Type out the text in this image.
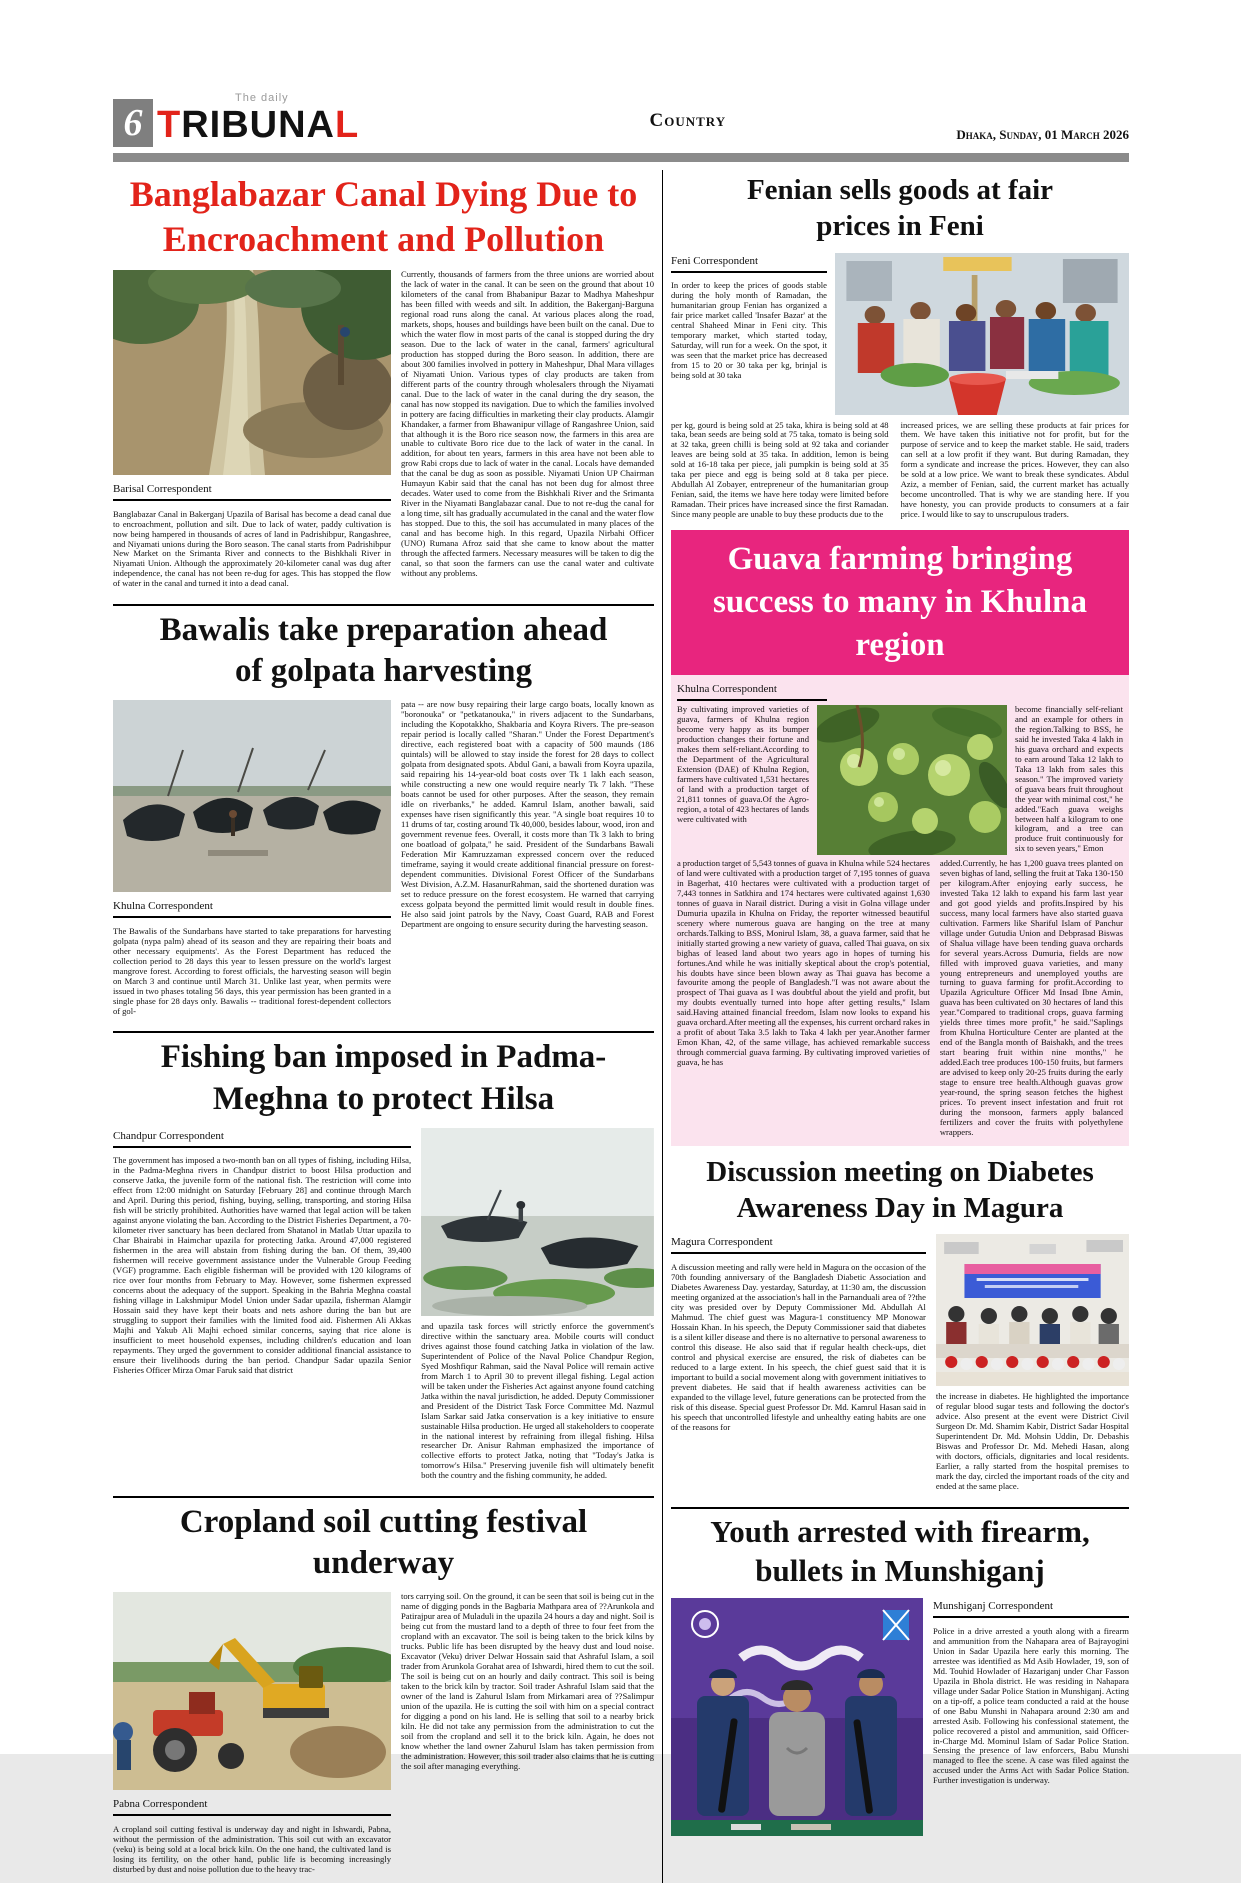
6
The daily
TRIBUNAL	Country
Dhaka, Sunday, 01 March 2026
Banglabazar Canal Dying Due to Encroachment and Pollution
Barisal Correspondent

Banglabazar Canal in Bakerganj Upazila of Barisal has become a dead canal due to encroachment, pollution and silt. Due to lack of water, paddy cultivation is now being hampered in thousands of acres of land in Padrishibpur, Rangashree, and Niyamati unions during the Boro season. The canal starts from Padrishibpur New Market on the Srimanta River and connects to the Bishkhali River in Niyamati Union. Although the approximately 20-kilometer canal was dug after independence, the canal has not been re-dug for ages. This has stopped the flow of water in the canal and turned it into a dead canal.

Currently, thousands of farmers from the three unions are worried about the lack of water in the canal. It can be seen on the ground that about 10 kilometers of the canal from Bhabanipur Bazar to Madhya Maheshpur has been filled with weeds and silt. In addition, the Bakerganj-Barguna regional road runs along the canal. At various places along the road, markets, shops, houses and buildings have been built on the canal. Due to which the water flow in most parts of the canal is stopped during the dry season. Due to the lack of water in the canal, farmers' agricultural production has stopped during the Boro season. In addition, there are about 300 families involved in pottery in Maheshpur, Dhal Mara villages of Niyamati Union. Various types of clay products are taken from different parts of the country through wholesalers through the Niyamati canal. Due to the lack of water in the canal during the dry season, the canal has now stopped its navigation. Due to which the families involved in pottery are facing difficulties in marketing their clay products. Alamgir Khandaker, a farmer from Bhawanipur village of Rangashree Union, said that although it is the Boro rice season now, the farmers in this area are unable to cultivate Boro rice due to the lack of water in the canal. In addition, for about ten years, farmers in this area have not been able to grow Rabi crops due to lack of water in the canal. Locals have demanded that the canal be dug as soon as possible. Niyamati Union UP Chairman Humayun Kabir said that the canal has not been dug for almost three decades. Water used to come from the Bishkhali River and the Srimanta River in the Niyamati Banglabazar canal. Due to not re-dug the canal for a long time, silt has gradually accumulated in the canal and the water flow has stopped. Due to this, the soil has accumulated in many places of the canal and has become high. In this regard, Upazila Nirbahi Officer (UNO) Rumana Afroz said that she came to know about the matter through the affected farmers. Necessary measures will be taken to dig the canal, so that soon the farmers can use the canal water and cultivate without any problems.

Bawalis take preparation ahead of golpata harvesting
Khulna Correspondent

The Bawalis of the Sundarbans have started to take preparations for harvesting golpata (nypa palm) ahead of its season and they are repairing their boats and other necessary equipments'. As the Forest Department has reduced the collection period to 28 days this year to lessen pressure on the world's largest mangrove forest. According to forest officials, the harvesting season will begin on March 3 and continue until March 31. Unlike last year, when permits were issued in two phases totaling 56 days, this year permission has been granted in a single phase for 28 days only. Bawalis -- traditional forest-dependent collectors of gol-

pata -- are now busy repairing their large cargo boats, locally known as "boronouka" or "petkatanouka," in rivers adjacent to the Sundarbans, including the Kopotakkho, Shakbaria and Koyra Rivers. The pre-season repair period is locally called "Sharan." Under the Forest Department's directive, each registered boat with a capacity of 500 maunds (186 quintals) will be allowed to stay inside the forest for 28 days to collect golpata from designated spots. Abdul Gani, a bawali from Koyra upazila, said repairing his 14-year-old boat costs over Tk 1 lakh each season, while constructing a new one would require nearly Tk 7 lakh. "These boats cannot be used for other purposes. After the season, they remain idle on riverbanks," he added. Kamrul Islam, another bawali, said expenses have risen significantly this year. "A single boat requires 10 to 11 drums of tar, costing around Tk 40,000, besides labour, wood, iron and government revenue fees. Overall, it costs more than Tk 3 lakh to bring one boatload of golpata," he said. President of the Sundarbans Bawali Federation Mir Kamruzzaman expressed concern over the reduced timeframe, saying it would create additional financial pressure on forest-dependent communities. Divisional Forest Officer of the Sundarbans West Division, A.Z.M. HasanurRahman, said the shortened duration was set to reduce pressure on the forest ecosystem. He warned that carrying excess golpata beyond the permitted limit would result in double fines. He also said joint patrols by the Navy, Coast Guard, RAB and Forest Department are ongoing to ensure security during the harvesting season.

Fishing ban imposed in Padma-Meghna to protect Hilsa
Chandpur Correspondent

The government has imposed a two-month ban on all types of fishing, including Hilsa, in the Padma-Meghna rivers in Chandpur district to boost Hilsa production and conserve Jatka, the juvenile form of the national fish. The restriction will come into effect from 12:00 midnight on Saturday [February 28] and continue through March and April. During this period, fishing, buying, selling, transporting, and storing Hilsa fish will be strictly prohibited. Authorities have warned that legal action will be taken against anyone violating the ban. According to the District Fisheries Department, a 70-kilometer river sanctuary has been declared from Shatanol in Matlab Uttar upazila to Char Bhairabi in Haimchar upazila for protecting Jatka. Around 47,000 registered fishermen in the area will abstain from fishing during the ban. Of them, 39,400 fishermen will receive government assistance under the Vulnerable Group Feeding (VGF) programme. Each eligible fisherman will be provided with 120 kilograms of rice over four months from February to May. However, some fishermen expressed concerns about the adequacy of the support. Speaking in the Bahria Meghna coastal fishing village in Lakshmipur Model Union under Sadar upazila, fisherman Alamgir Hossain said they have kept their boats and nets ashore during the ban but are struggling to support their families with the limited food aid. Fishermen Ali Akkas Majhi and Yakub Ali Majhi echoed similar concerns, saying that rice alone is insufficient to meet household expenses, including children's education and loan repayments. They urged the government to consider additional financial assistance to ensure their livelihoods during the ban period. Chandpur Sadar upazila Senior Fisheries Officer Mirza Omar Faruk said that district

and upazila task forces will strictly enforce the government's directive within the sanctuary area. Mobile courts will conduct drives against those found catching Jatka in violation of the law. Superintendent of Police of the Naval Police Chandpur Region, Syed Moshfiqur Rahman, said the Naval Police will remain active from March 1 to April 30 to prevent illegal fishing. Legal action will be taken under the Fisheries Act against anyone found catching Jatka within the naval jurisdiction, he added. Deputy Commissioner and President of the District Task Force Committee Md. Nazmul Islam Sarkar said Jatka conservation is a key initiative to ensure sustainable Hilsa production. He urged all stakeholders to cooperate in the national interest by refraining from illegal fishing. Hilsa researcher Dr. Anisur Rahman emphasized the importance of collective efforts to protect Jatka, noting that "Today's Jatka is tomorrow's Hilsa." Preserving juvenile fish will ultimately benefit both the country and the fishing community, he added.

Cropland soil cutting festival underway
Pabna Correspondent

A cropland soil cutting festival is underway day and night in Ishwardi, Pabna, without the permission of the administration. This soil cut with an excavator (veku) is being sold at a local brick kiln. On the one hand, the cultivated land is losing its fertility, on the other hand, public life is becoming increasingly disturbed by dust and noise pollution due to the heavy trac-

tors carrying soil. On the ground, it can be seen that soil is being cut in the name of digging ponds in the Bagbaria Mathpara area of ??Arunkola and Patirajpur area of Muladuli in the upazila 24 hours a day and night. Soil is being cut from the mustard land to a depth of three to four feet from the cropland with an excavator. The soil is being taken to the brick kilns by trucks. Public life has been disrupted by the heavy dust and loud noise. Excavator (Veku) driver Delwar Hossain said that Ashraful Islam, a soil trader from Arunkola Gorahat area of Ishwardi, hired them to cut the soil. The soil is being cut on an hourly and daily contract. This soil is being taken to the brick kiln by tractor. Soil trader Ashraful Islam said that the owner of the land is Zahurul Islam from Mirkamari area of ??Salimpur union of the upazila. He is cutting the soil with him on a special contract for digging a pond on his land. He is selling that soil to a nearby brick kiln. He did not take any permission from the administration to cut the soil from the cropland and sell it to the brick kiln. Again, he does not know whether the land owner Zahurul Islam has taken permission from the administration. However, this soil trader also claims that he is cutting the soil after managing everything.

Fenian sells goods at fair prices in Feni
Feni Correspondent

In order to keep the prices of goods stable during the holy month of Ramadan, the humanitarian group Fenian has organized a fair price market called 'Insafer Bazar' at the central Shaheed Minar in Feni city. This temporary market, which started today, Saturday, will run for a week. On the spot, it was seen that the market price has decreased from 15 to 20 or 30 taka per kg, brinjal is being sold at 30 taka

per kg, gourd is being sold at 25 taka, khira is being sold at 48 taka, bean seeds are being sold at 75 taka, tomato is being sold at 32 taka, green chilli is being sold at 92 taka and coriander leaves are being sold at 35 taka. In addition, lemon is being sold at 16-18 taka per piece, jali pumpkin is being sold at 35 taka per piece and egg is being sold at 8 taka per piece. Abdullah Al Zobayer, entrepreneur of the humanitarian group Fenian, said, the items we have here today were limited before Ramadan. Their prices have increased since the first Ramadan. Since many people are unable to buy these products due to the

increased prices, we are selling these products at fair prices for them. We have taken this initiative not for profit, but for the purpose of service and to keep the market stable. He said, traders can sell at a low profit if they want. But during Ramadan, they form a syndicate and increase the prices. However, they can also be sold at a low price. We want to break these syndicates. Abdul Aziz, a member of Fenian, said, the current market has actually become uncontrolled. That is why we are standing here. If you have honesty, you can provide products to consumers at a fair price. I would like to say to unscrupulous traders.

Guava farming bringing success to many in Khulna region
Khulna Correspondent

By cultivating improved varieties of guava, farmers of Khulna region become very happy as its bumper production changes their fortune and makes them self-reliant.According to the Department of the Agricultural Extension (DAE) of Khulna Region, farmers have cultivated 1,531 hectares of land with a production target of 21,811 tonnes of guava.Of the Agro-region, a total of 423 hectares of lands were cultivated with

become financially self-reliant and an example for others in the region.Talking to BSS, he said he invested Taka 4 lakh in his guava orchard and expects to earn around Taka 12 lakh to Taka 13 lakh from sales this season." The improved variety of guava bears fruit throughout the year with minimal cost," he added."Each guava weighs between half a kilogram to one kilogram, and a tree can produce fruit continuously for six to seven years," Emon

a production target of 5,543 tonnes of guava in Khulna while 524 hectares of land were cultivated with a production target of 7,195 tonnes of guava in Bagerhat, 410 hectares were cultivated with a production target of 7,443 tonnes in Satkhira and 174 hectares were cultivated against 1,630 tonnes of guava in Narail district. During a visit in Golna village under Dumuria upazila in Khulna on Friday, the reporter witnessed beautiful scenery where numerous guava are hanging on the tree at many orchards.Talking to BSS, Monirul Islam, 38, a guava farmer, said that he initially started growing a new variety of guava, called Thai guava, on six bighas of leased land about two years ago in hopes of turning his fortunes.And while he was initially skeptical about the crop's potential, his doubts have since been blown away as Thai guava has become a favourite among the people of Bangladesh."I was not aware about the prospect of Thai guava as I was doubtful about the yield and profit, but my doubts eventually turned into hope after getting results," Islam said.Having attained financial freedom, Islam now looks to expand his guava orchard.After meeting all the expenses, his current orchard rakes in a profit of about Taka 3.5 lakh to Taka 4 lakh per year.Another farmer Emon Khan, 42, of the same village, has achieved remarkable success through commercial guava farming. By cultivating improved varieties of guava, he has

added.Currently, he has 1,200 guava trees planted on seven bighas of land, selling the fruit at Taka 130-150 per kilogram.After enjoying early success, he invested Taka 12 lakh to expand his farm last year and got good yields and profits.Inspired by his success, many local farmers have also started guava cultivation. Farmers like Shariful Islam of Panchur village under Gutudia Union and Debprasad Biswas of Shalua village have been tending guava orchards for several years.Across Dumuria, fields are now filled with improved guava varieties, and many young entrepreneurs and unemployed youths are turning to guava farming for profit.According to Upazila Agriculture Officer Md Insad Ibne Amin, guava has been cultivated on 30 hectares of land this year."Compared to traditional crops, guava farming yields three times more profit," he said."Saplings from Khulna Horticulture Center are planted at the end of the Bangla month of Baishakh, and the trees start bearing fruit within nine months," he added.Each tree produces 100-150 fruits, but farmers are advised to keep only 20-25 fruits during the early stage to ensure tree health.Although guavas grow year-round, the spring season fetches the highest prices. To prevent insect infestation and fruit rot during the monsoon, farmers apply balanced fertilizers and cover the fruits with polyethylene wrappers.

Discussion meeting on Diabetes Awareness Day in Magura
Magura Correspondent

A discussion meeting and rally were held in Magura on the occasion of the 70th founding anniversary of the Bangladesh Diabetic Association and Diabetes Awareness Day. yestarday, Saturday, at 11:30 am, the discussion meeting organized at the association's hall in the Parnanduali area of ??the city was presided over by Deputy Commissioner Md. Abdullah Al Mahmud. The chief guest was Magura-1 constituency MP Monowar Hossain Khan. In his speech, the Deputy Commissioner said that diabetes is a silent killer disease and there is no alternative to personal awareness to control this disease. He also said that if regular health check-ups, diet control and physical exercise are ensured, the risk of diabetes can be reduced to a large extent. In his speech, the chief guest said that it is important to build a social movement along with government initiatives to prevent diabetes. He said that if health awareness activities can be expanded to the village level, future generations can be protected from the risk of this disease. Special guest Professor Dr. Md. Kamrul Hasan said in his speech that uncontrolled lifestyle and unhealthy eating habits are one of the reasons for

the increase in diabetes. He highlighted the importance of regular blood sugar tests and following the doctor's advice. Also present at the event were District Civil Surgeon Dr. Md. Shamim Kabir, District Sadar Hospital Superintendent Dr. Md. Mohsin Uddin, Dr. Debashis Biswas and Professor Dr. Md. Mehedi Hasan, along with doctors, officials, dignitaries and local residents. Earlier, a rally started from the hospital premises to mark the day, circled the important roads of the city and ended at the same place.

Youth arrested with firearm, bullets in Munshiganj
Munshiganj Correspondent

Police in a drive arrested a youth along with a firearm and ammunition from the Nahapara area of Bajrayogini Union in Sadar Upazila here early this morning. The arrestee was identified as Md Asib Howlader, 19, son of Md. Touhid Howlader of Hazariganj under Char Fasson Upazila in Bhola district. He was residing in Nahapara village under Sadar Police Station in Munshiganj. Acting on a tip-off, a police team conducted a raid at the house of one Babu Munshi in Nahapara around 2:30 am and arrested Asib. Following his confessional statement, the police recovered a pistol and ammunition, said Officer-in-Charge Md. Mominul Islam of Sadar Police Station. Sensing the presence of law enforcers, Babu Munshi managed to flee the scene. A case was filed against the accused under the Arms Act with Sadar Police Station. Further investigation is underway.
